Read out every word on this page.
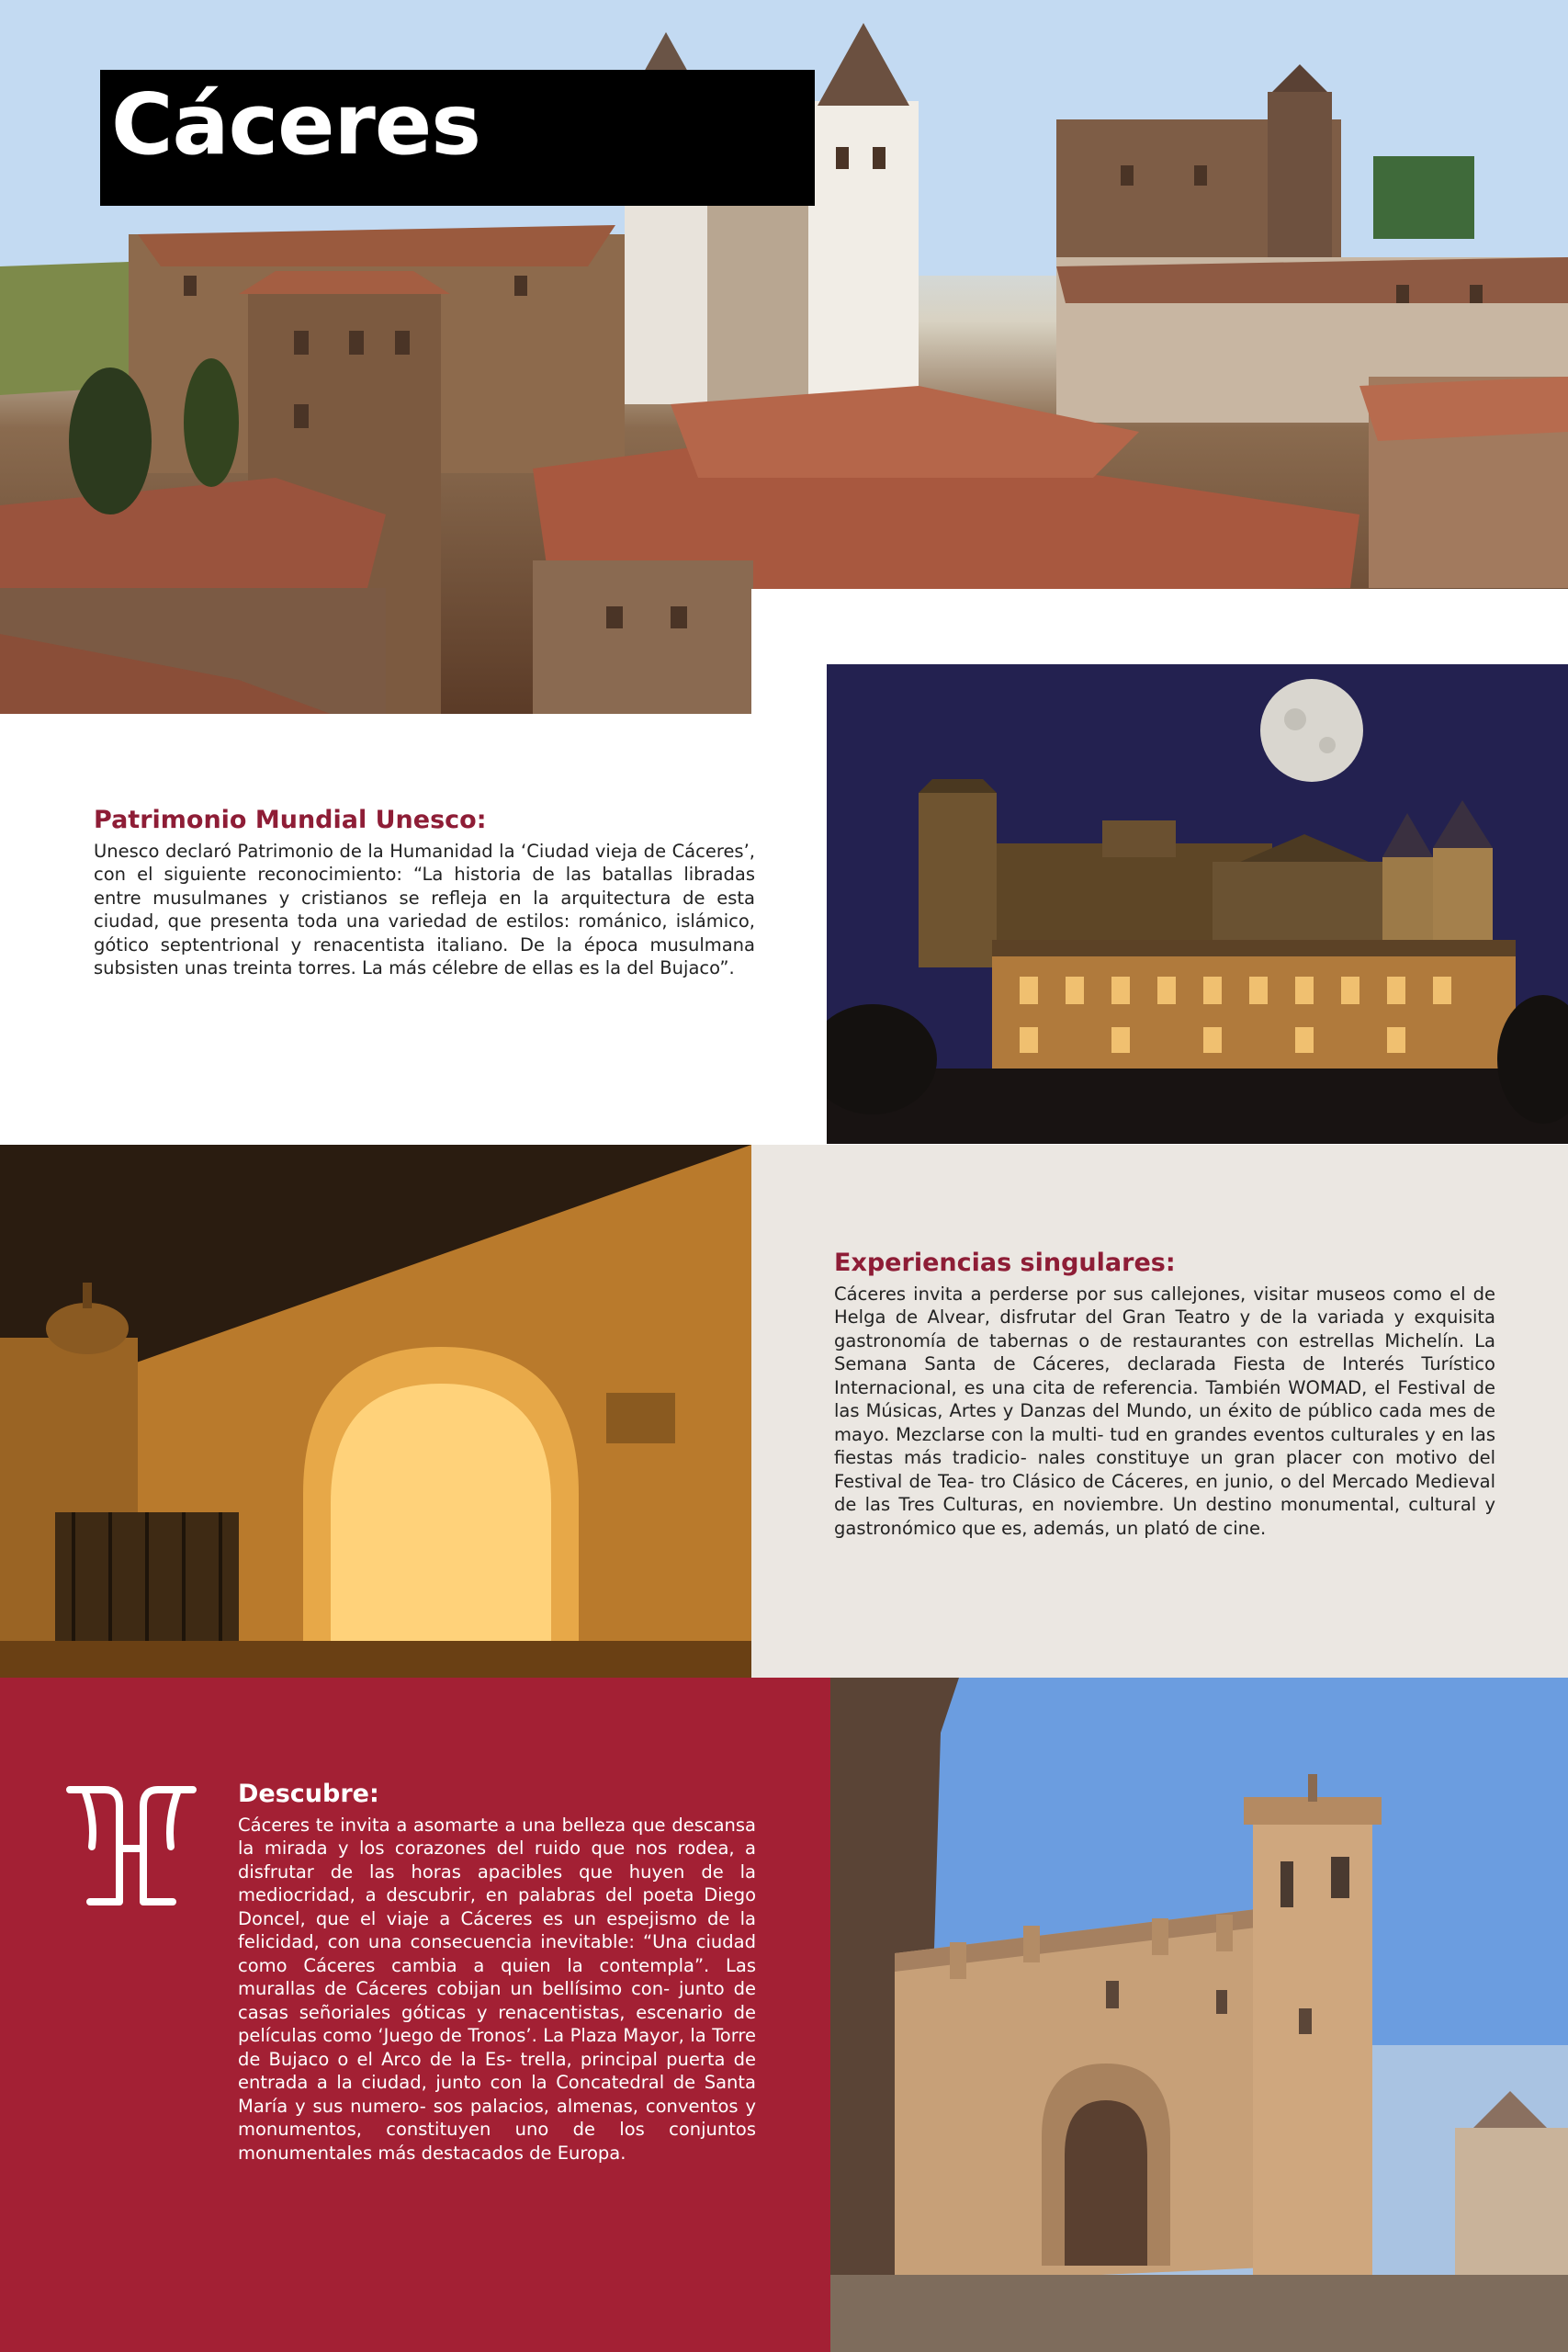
Cáceres
Patrimonio Mundial Unesco:

Unesco declaró Patrimonio de la Humanidad la ‘Ciudad vieja de Cáceres’, con el siguiente reconocimiento: “La historia de las batallas libradas entre musulmanes y cristianos se refleja en la arquitectura de esta ciudad, que presenta toda una variedad de estilos: románico, islámico, gótico septentrional y renacentista italiano. De la época musulmana subsisten unas treinta torres. La más célebre de ellas es la del Bujaco”.

Experiencias singulares:

Cáceres invita a perderse por sus callejones, visitar museos como el de Helga de Alvear, disfrutar del Gran Teatro y de la variada y exquisita gastronomía de tabernas o de restaurantes con estrellas Michelín. La Semana Santa de Cáceres, declarada Fiesta de Interés Turístico Internacional, es una cita de referencia. También WOMAD, el Festival de las Músicas, Artes y Danzas del Mundo, un éxito de público cada mes de mayo. Mezclarse con la multi- tud en grandes eventos culturales y en las fiestas más tradicio- nales constituye un gran placer con motivo del Festival de Tea- tro Clásico de Cáceres, en junio, o del Mercado Medieval de las Tres Culturas, en noviembre. Un destino monumental, cultural y gastronómico que es, además, un plató de cine.

Descubre:

Cáceres te invita a asomarte a una belleza que descansa la mirada y los corazones del ruido que nos rodea, a disfrutar de las horas apacibles que huyen de la mediocridad, a descubrir, en palabras del poeta Diego Doncel, que el viaje a Cáceres es un espejismo de la felicidad, con una consecuencia inevitable: “Una ciudad como Cáceres cambia a quien la contempla”. Las murallas de Cáceres cobijan un bellísimo con- junto de casas señoriales góticas y renacentistas, escenario de películas como ‘Juego de Tronos’. La Plaza Mayor, la Torre de Bujaco o el Arco de la Es- trella, principal puerta de entrada a la ciudad, junto con la Concatedral de Santa María y sus numero- sos palacios, almenas, conventos y monumentos, constituyen uno de los conjuntos monumentales más destacados de Europa.
